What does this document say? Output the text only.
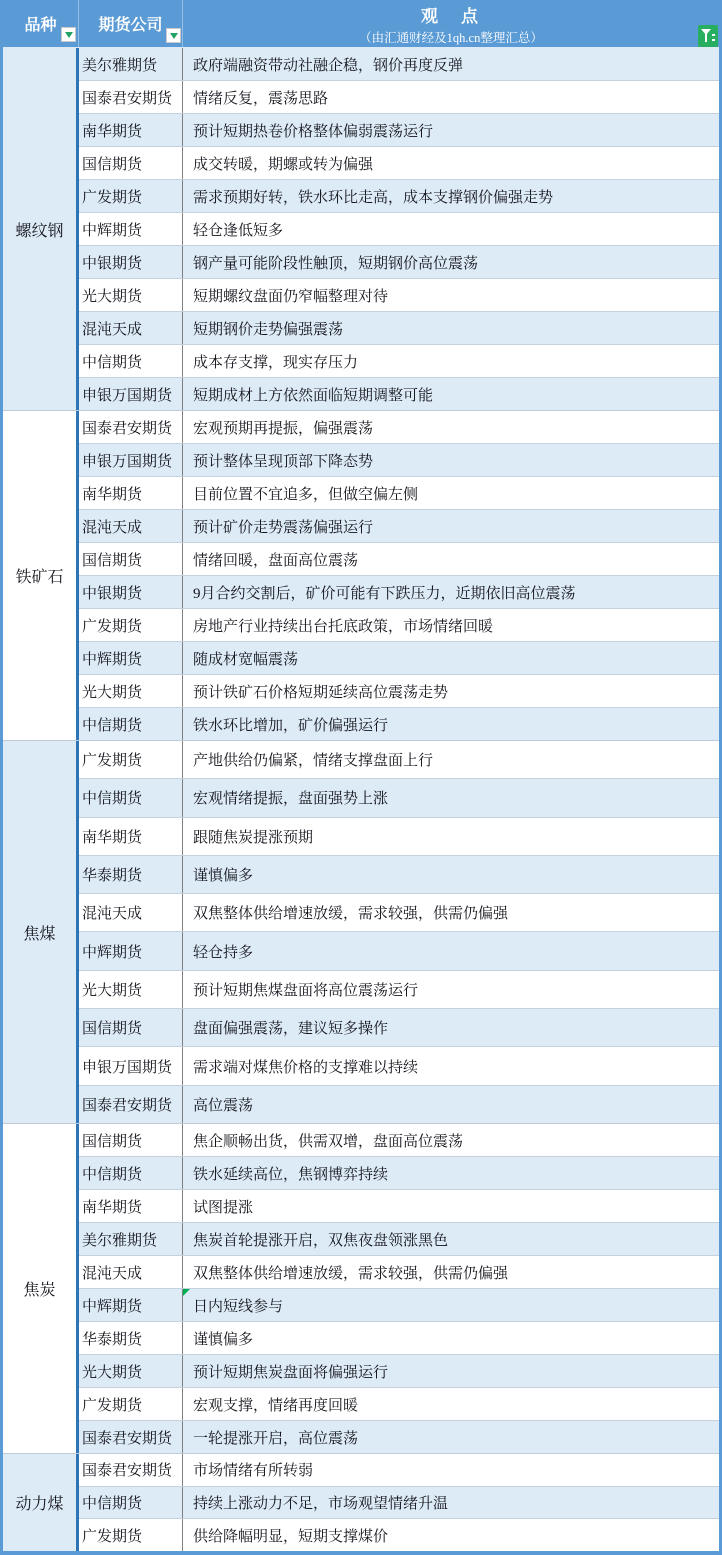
品种	期货公司	观　点
（由汇通财经及1qh.cn整理汇总）
螺纹钢
美尔雅期货	政府端融资带动社融企稳，钢价再度反弹
国泰君安期货	情绪反复，震荡思路
南华期货	预计短期热卷价格整体偏弱震荡运行
国信期货	成交转暖，期螺或转为偏强
广发期货	需求预期好转，铁水环比走高，成本支撑钢价偏强走势
中辉期货	轻仓逢低短多
中银期货	钢产量可能阶段性触顶，短期钢价高位震荡
光大期货	短期螺纹盘面仍窄幅整理对待
混沌天成	短期钢价走势偏强震荡
中信期货	成本存支撑，现实存压力
申银万国期货	短期成材上方依然面临短期调整可能
铁矿石
国泰君安期货	宏观预期再提振，偏强震荡
申银万国期货	预计整体呈现顶部下降态势
南华期货	目前位置不宜追多，但做空偏左侧
混沌天成	预计矿价走势震荡偏强运行
国信期货	情绪回暖，盘面高位震荡
中银期货	9月合约交割后，矿价可能有下跌压力，近期依旧高位震荡
广发期货	房地产行业持续出台托底政策，市场情绪回暖
中辉期货	随成材宽幅震荡
光大期货	预计铁矿石价格短期延续高位震荡走势
中信期货	铁水环比增加，矿价偏强运行
焦煤
广发期货	产地供给仍偏紧，情绪支撑盘面上行
中信期货	宏观情绪提振，盘面强势上涨
南华期货	跟随焦炭提涨预期
华泰期货	谨慎偏多
混沌天成	双焦整体供给增速放缓，需求较强，供需仍偏强
中辉期货	轻仓持多
光大期货	预计短期焦煤盘面将高位震荡运行
国信期货	盘面偏强震荡，建议短多操作
申银万国期货	需求端对煤焦价格的支撑难以持续
国泰君安期货	高位震荡
焦炭
国信期货	焦企顺畅出货，供需双增，盘面高位震荡
中信期货	铁水延续高位，焦钢博弈持续
南华期货	试图提涨
美尔雅期货	焦炭首轮提涨开启，双焦夜盘领涨黑色
混沌天成	双焦整体供给增速放缓，需求较强，供需仍偏强
中辉期货	日内短线参与
华泰期货	谨慎偏多
光大期货	预计短期焦炭盘面将偏强运行
广发期货	宏观支撑，情绪再度回暖
国泰君安期货	一轮提涨开启，高位震荡
动力煤
国泰君安期货	市场情绪有所转弱
中信期货	持续上涨动力不足，市场观望情绪升温
广发期货	供给降幅明显，短期支撑煤价
